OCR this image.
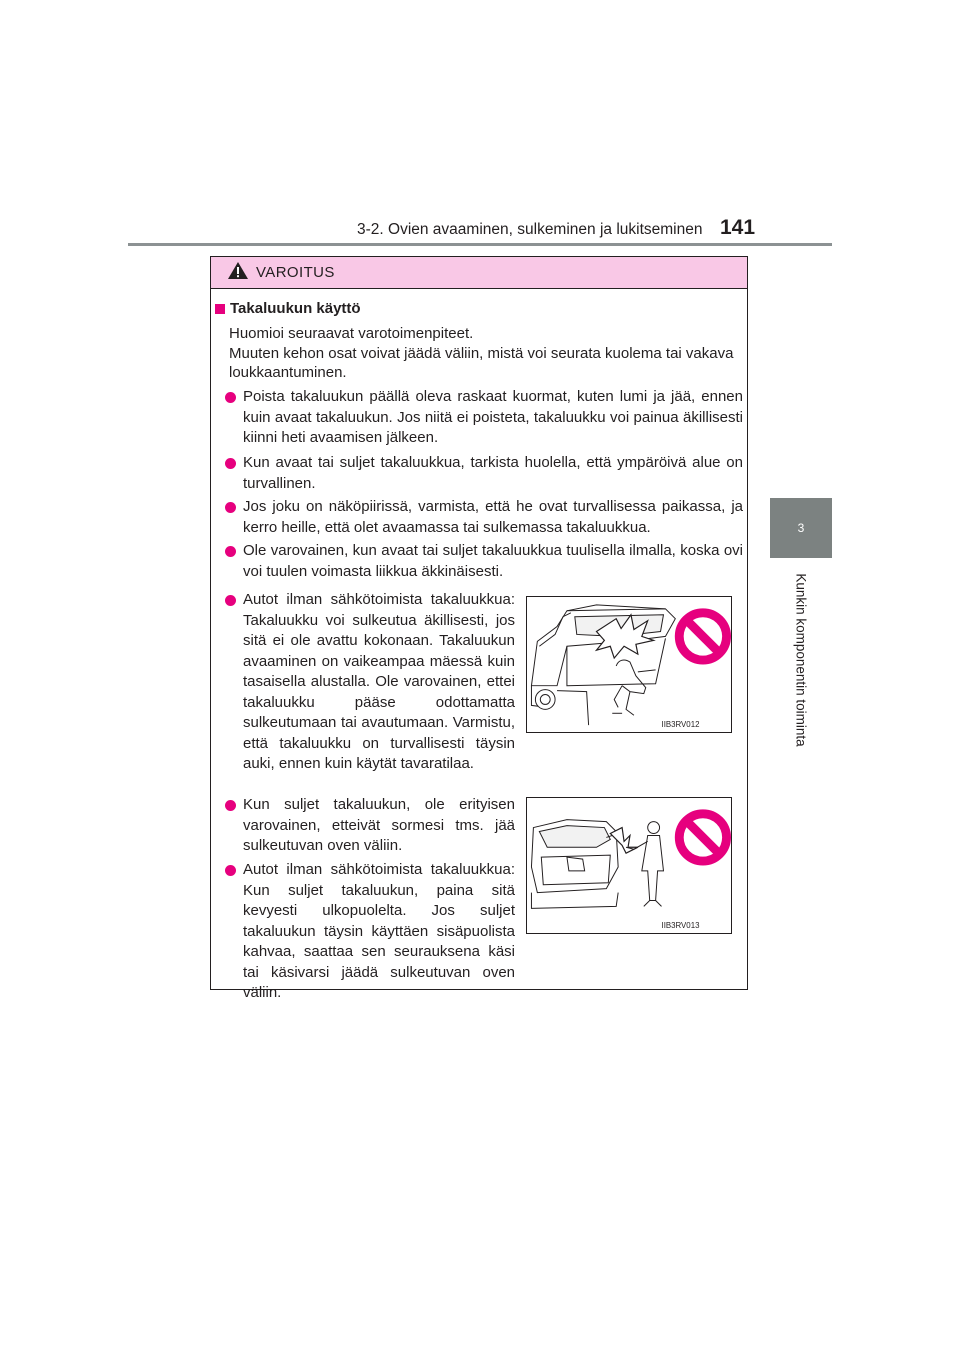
3-2. Ovien avaaminen, sulkeminen ja lukitseminen 141
3
Kunkin komponentin toiminta
VAROITUS
Takaluukun käyttö
Huomioi seuraavat varotoimenpiteet.
Muuten kehon osat voivat jäädä väliin, mistä voi seurata kuolema tai vakava loukkaantuminen.
Poista takaluukun päällä oleva raskaat kuormat, kuten lumi ja jää, ennen kuin avaat takaluukun. Jos niitä ei poisteta, takaluukku voi painua äkillisesti kiinni heti avaamisen jälkeen.
Kun avaat tai suljet takaluukkua, tarkista huolella, että ympäröivä alue on turvallinen.
Jos joku on näköpiirissä, varmista, että he ovat turvallisessa paikassa, ja kerro heille, että olet avaamassa tai sulkemassa takaluukkua.
Ole varovainen, kun avaat tai suljet takaluukkua tuulisella ilmalla, koska ovi voi tuulen voimasta liikkua äkkinäisesti.
Autot ilman sähkötoimista takaluukkua: Takaluukku voi sulkeutua äkillisesti, jos sitä ei ole avattu kokonaan. Takaluukun avaaminen on vaikeampaa mäessä kuin tasaisella alustalla. Ole varovainen, ettei takaluukku pääse odottamatta sulkeutumaan tai avautumaan. Varmistu, että takaluukku on turvallisesti täysin auki, ennen kuin käytät tavaratilaa.
Kun suljet takaluukun, ole erityisen varovainen, etteivät sormesi tms. jää sulkeutuvan oven väliin.
Autot ilman sähkötoimista takaluukkua: Kun suljet takaluukun, paina sitä kevyesti ulkopuolelta. Jos suljet takaluukun täysin käyttäen sisäpuolista kahvaa, saattaa sen seurauksena käsi tai käsivarsi jäädä sulkeutuvan oven väliin.
IIB3RV012
IIB3RV013
